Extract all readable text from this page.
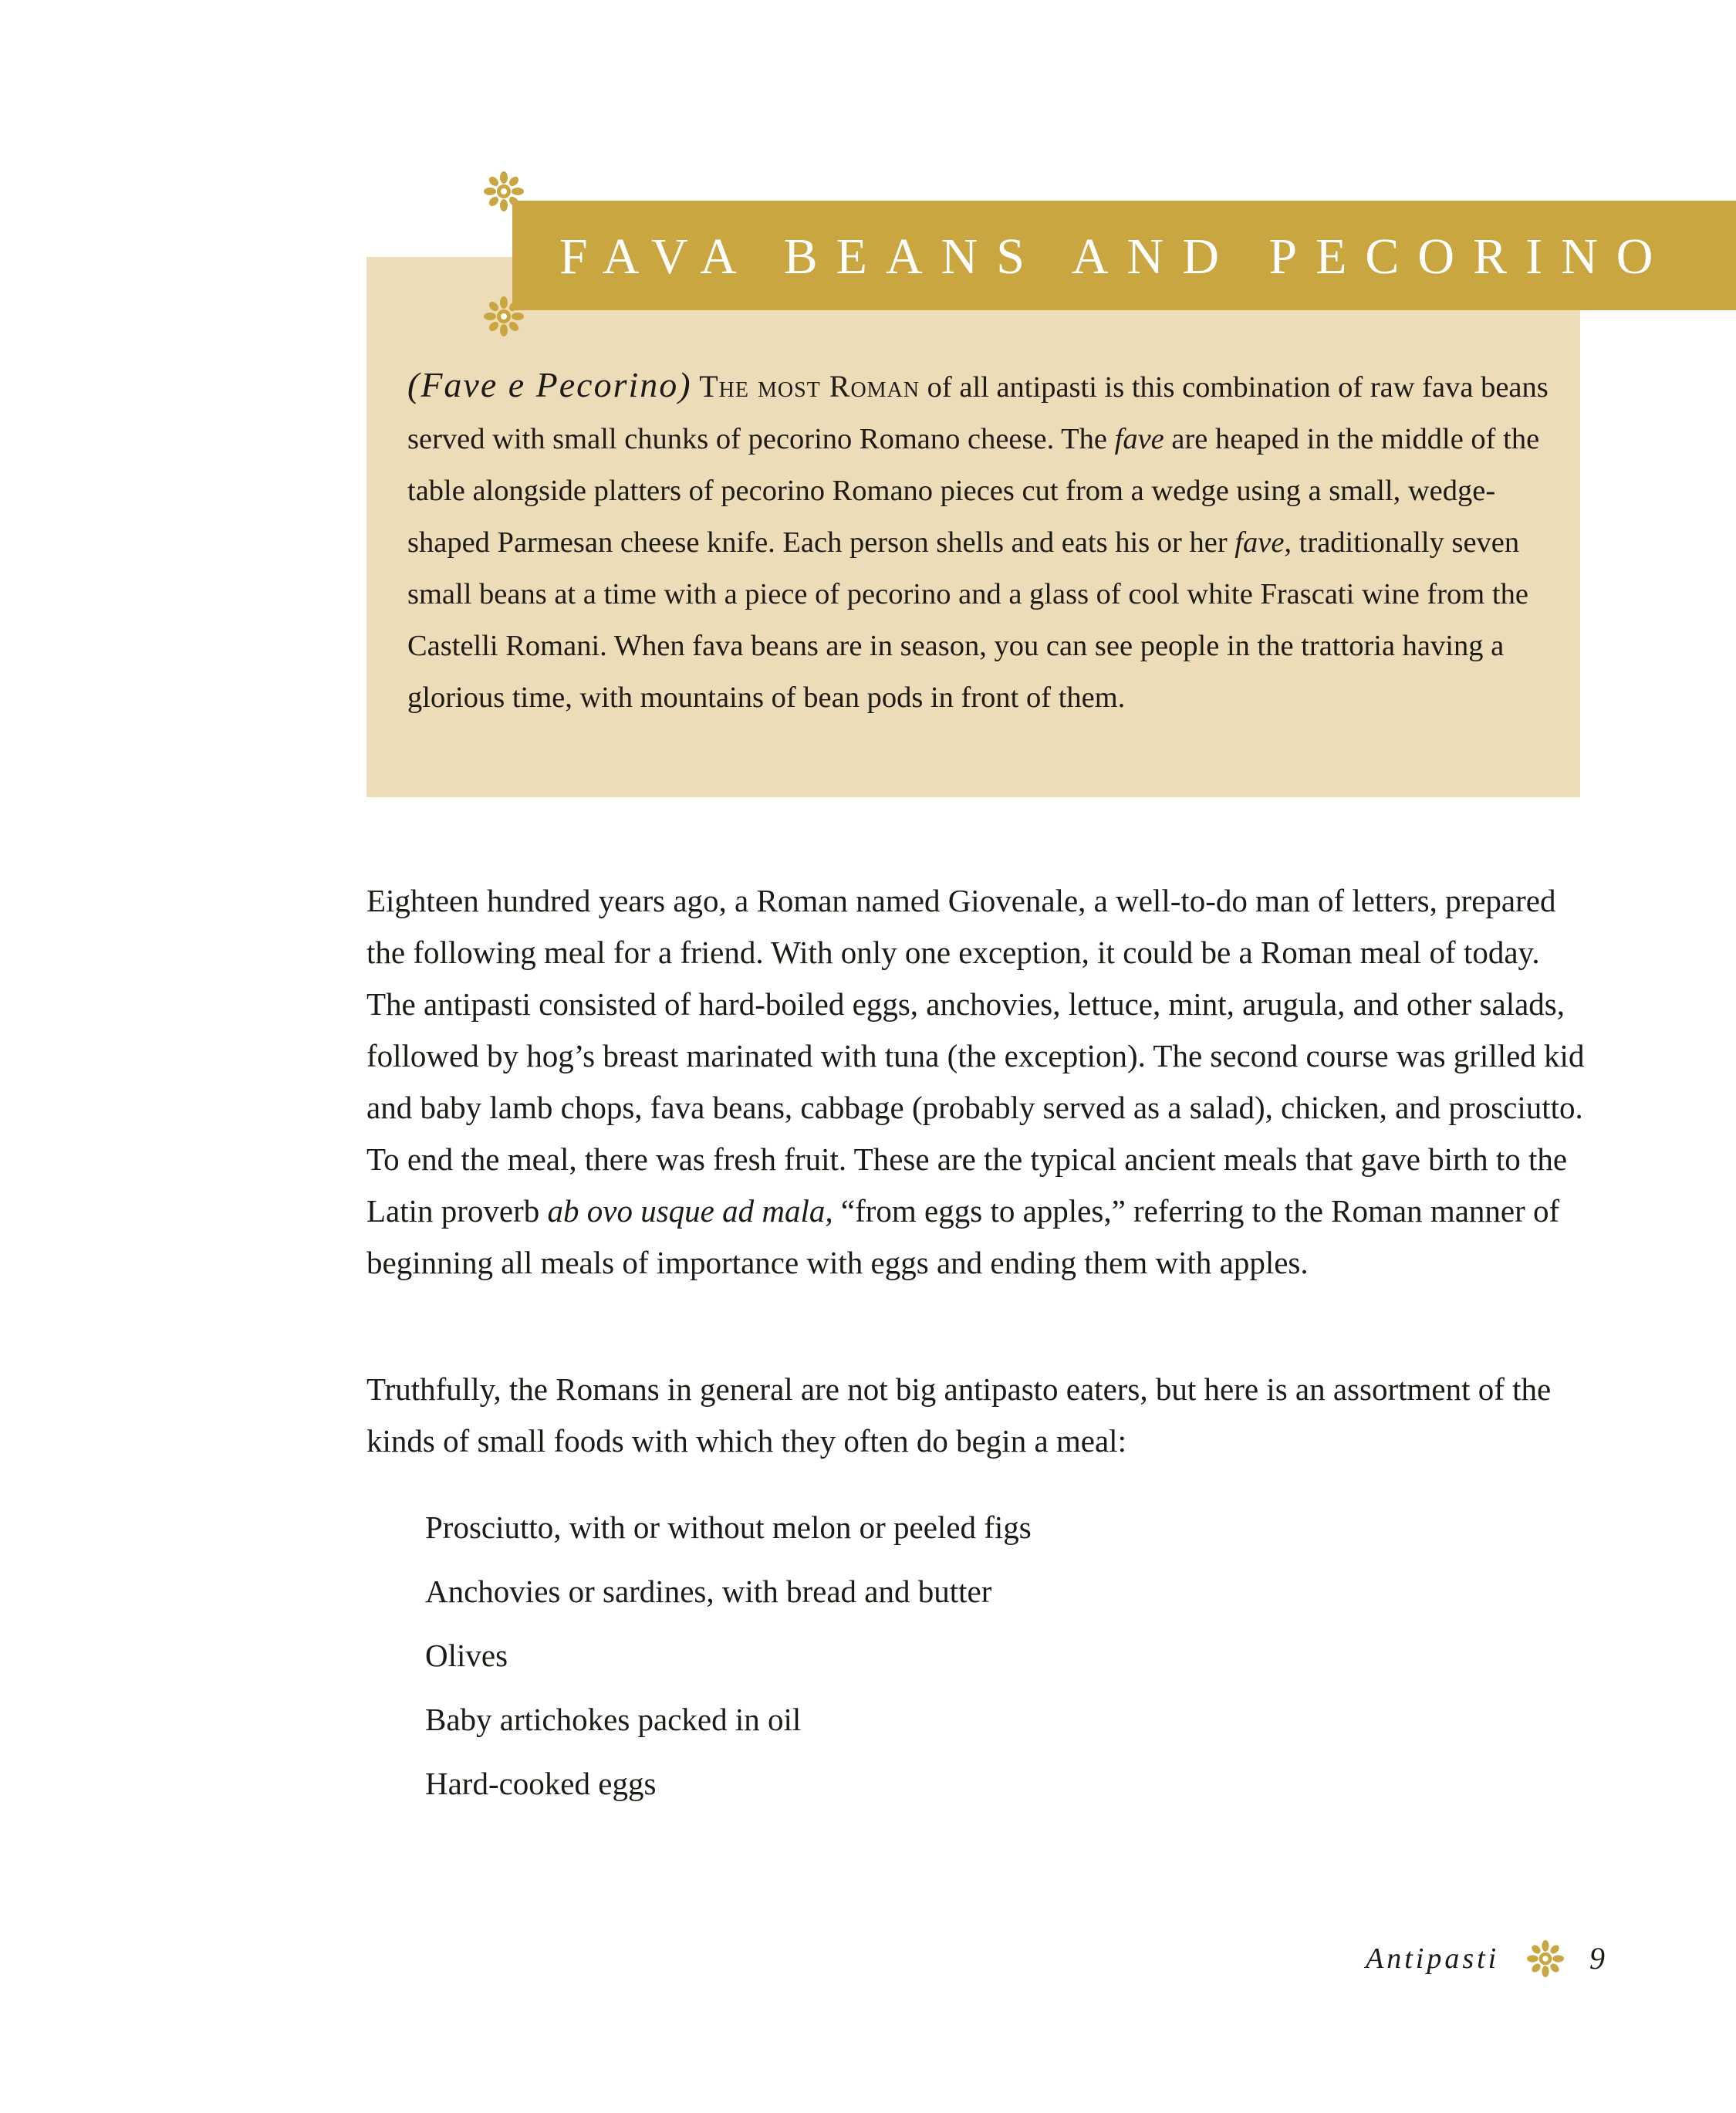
FAVA BEANS AND PECORINO

(Fave e Pecorino) The most Roman of all antipasti is this combination of raw fava beans served with small chunks of pecorino Romano cheese. The fave are heaped in the middle of the table alongside platters of pecorino Romano pieces cut from a wedge using a small, wedge-shaped Parmesan cheese knife. Each person shells and eats his or her fave, traditionally seven small beans at a time with a piece of pecorino and a glass of cool white Frascati wine from the Castelli Romani. When fava beans are in season, you can see people in the trattoria having a glorious time, with mountains of bean pods in front of them.

Eighteen hundred years ago, a Roman named Giovenale, a well-to-do man of letters, prepared the following meal for a friend. With only one exception, it could be a Roman meal of today. The antipasti consisted of hard-boiled eggs, anchovies, lettuce, mint, arugula, and other salads, followed by hog’s breast marinated with tuna (the exception). The second course was grilled kid and baby lamb chops, fava beans, cabbage (probably served as a salad), chicken, and prosciutto. To end the meal, there was fresh fruit. These are the typical ancient meals that gave birth to the Latin proverb ab ovo usque ad mala, “from eggs to apples,” referring to the Roman manner of beginning all meals of importance with eggs and ending them with apples.

Truthfully, the Romans in general are not big antipasto eaters, but here is an assortment of the kinds of small foods with which they often do begin a meal:

Prosciutto, with or without melon or peeled figs
Anchovies or sardines, with bread and butter
Olives
Baby artichokes packed in oil
Hard-cooked eggs
Antipasti	9
